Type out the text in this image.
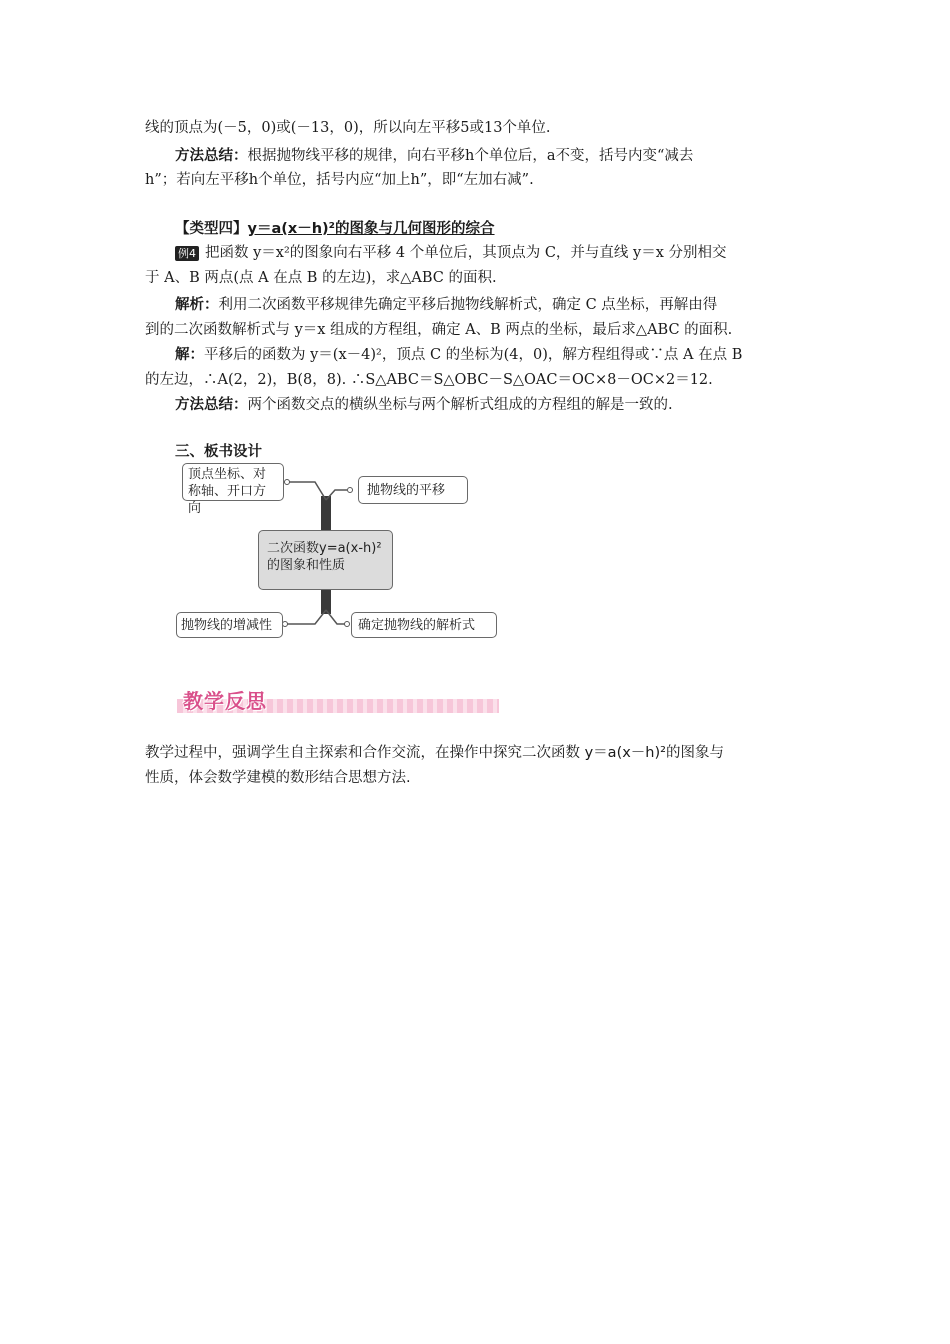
线的顶点为(－5，0)或(－13，0)，所以向左平移5或13个单位.
方法总结：根据抛物线平移的规律，向右平移h个单位后，a不变，括号内变“减去
h”；若向左平移h个单位，括号内应“加上h”，即“左加右减”.
【类型四】y＝a(x－h)²的图象与几何图形的综合
例4 把函数 y＝x²的图象向右平移 4 个单位后，其顶点为 C，并与直线 y＝x 分别相交
于 A、B 两点(点 A 在点 B 的左边)，求△ABC 的面积.
解析：利用二次函数平移规律先确定平移后抛物线解析式，确定 C 点坐标，再解由得
到的二次函数解析式与 y＝x 组成的方程组，确定 A、B 两点的坐标，最后求△ABC 的面积.
解：平移后的函数为 y＝(x－4)²，顶点 C 的坐标为(4，0)，解方程组得或∵点 A 在点 B
的左边，∴A(2，2)，B(8，8). ∴S△ABC＝S△OBC－S△OAC＝OC×8－OC×2＝12.
方法总结：两个函数交点的横纵坐标与两个解析式组成的方程组的解是一致的.
三、板书设计
顶点坐标、对
称轴、开口方向
抛物线的平移
二次函数y=a(x-h)²
的图象和性质
抛物线的增减性	确定抛物线的解析式
教学反思
教学过程中，强调学生自主探索和合作交流，在操作中探究二次函数 y＝a(x－h)²的图象与
性质，体会数学建模的数形结合思想方法.
